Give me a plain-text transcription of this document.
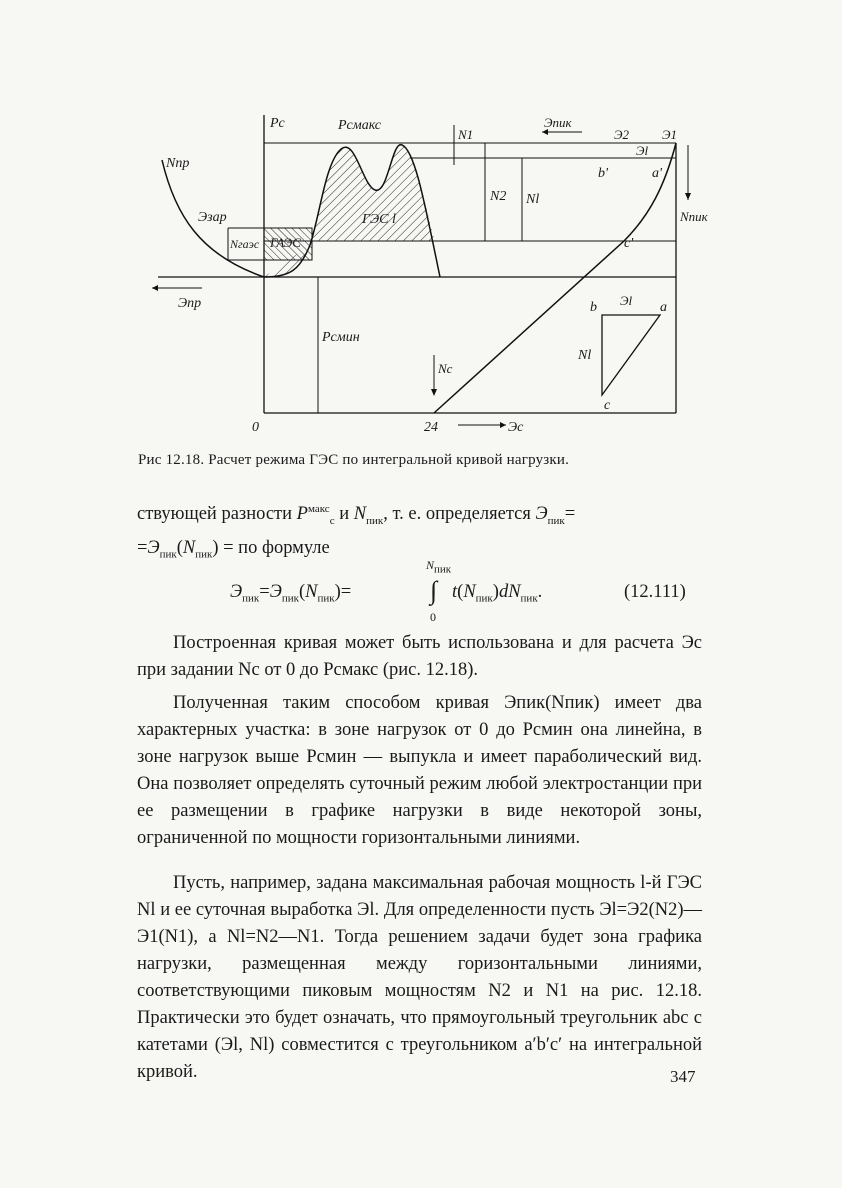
Pс	Pсмакс
Nпр
Эзар
Nгаэс ГАЭС
ГЭС l
Эпр
N1
N2 Nl
Эпик
Э2	Э1
Эl
b'	a'
c'
Nпик
b	a
c
Nl
Эl
Nс
Pсмин
0	24	Эс
Рис 12.18. Расчет режима ГЭС по интегральной кривой нагрузки.

ствующей разности $P^{макс}_с$ и $N_{пик}$, т. е. определяется $Э_{пик}=$
$=Э_{пик}(N_{пик})$ = по формуле

$Э_{пик}=Э_{пик}(N_{пик})=$
$N_{пик}$
∫
0
$t(N_{пик})dN_{пик}$.	(12.111)

Построенная кривая может быть использована и для расчета Эс при задании Nс от 0 до Pсмакс (рис. 12.18).

Полученная таким способом кривая Эпик(Nпик) имеет два характерных участка: в зоне нагрузок от 0 до Pсмин она линейна, в зоне нагрузок выше Pсмин — выпукла и имеет параболический вид. Она позволяет определять суточный режим любой электростанции при ее размещении в графике нагрузки в виде некоторой зоны, ограниченной по мощности горизонтальными линиями.

Пусть, например, задана максимальная рабочая мощность l-й ГЭС Nl и ее суточная выработка Эl. Для определенности пусть Эl=Э2(N2)—Э1(N1), а Nl=N2—N1. Тогда решением задачи будет зона графика нагрузки, размещенная между горизонтальными линиями, соответствующими пиковым мощностям N2 и N1 на рис. 12.18. Практически это будет означать, что прямоугольный треугольник abc с катетами (Эl, Nl) совместится с треугольником a′b′c′ на интегральной кривой.	347
